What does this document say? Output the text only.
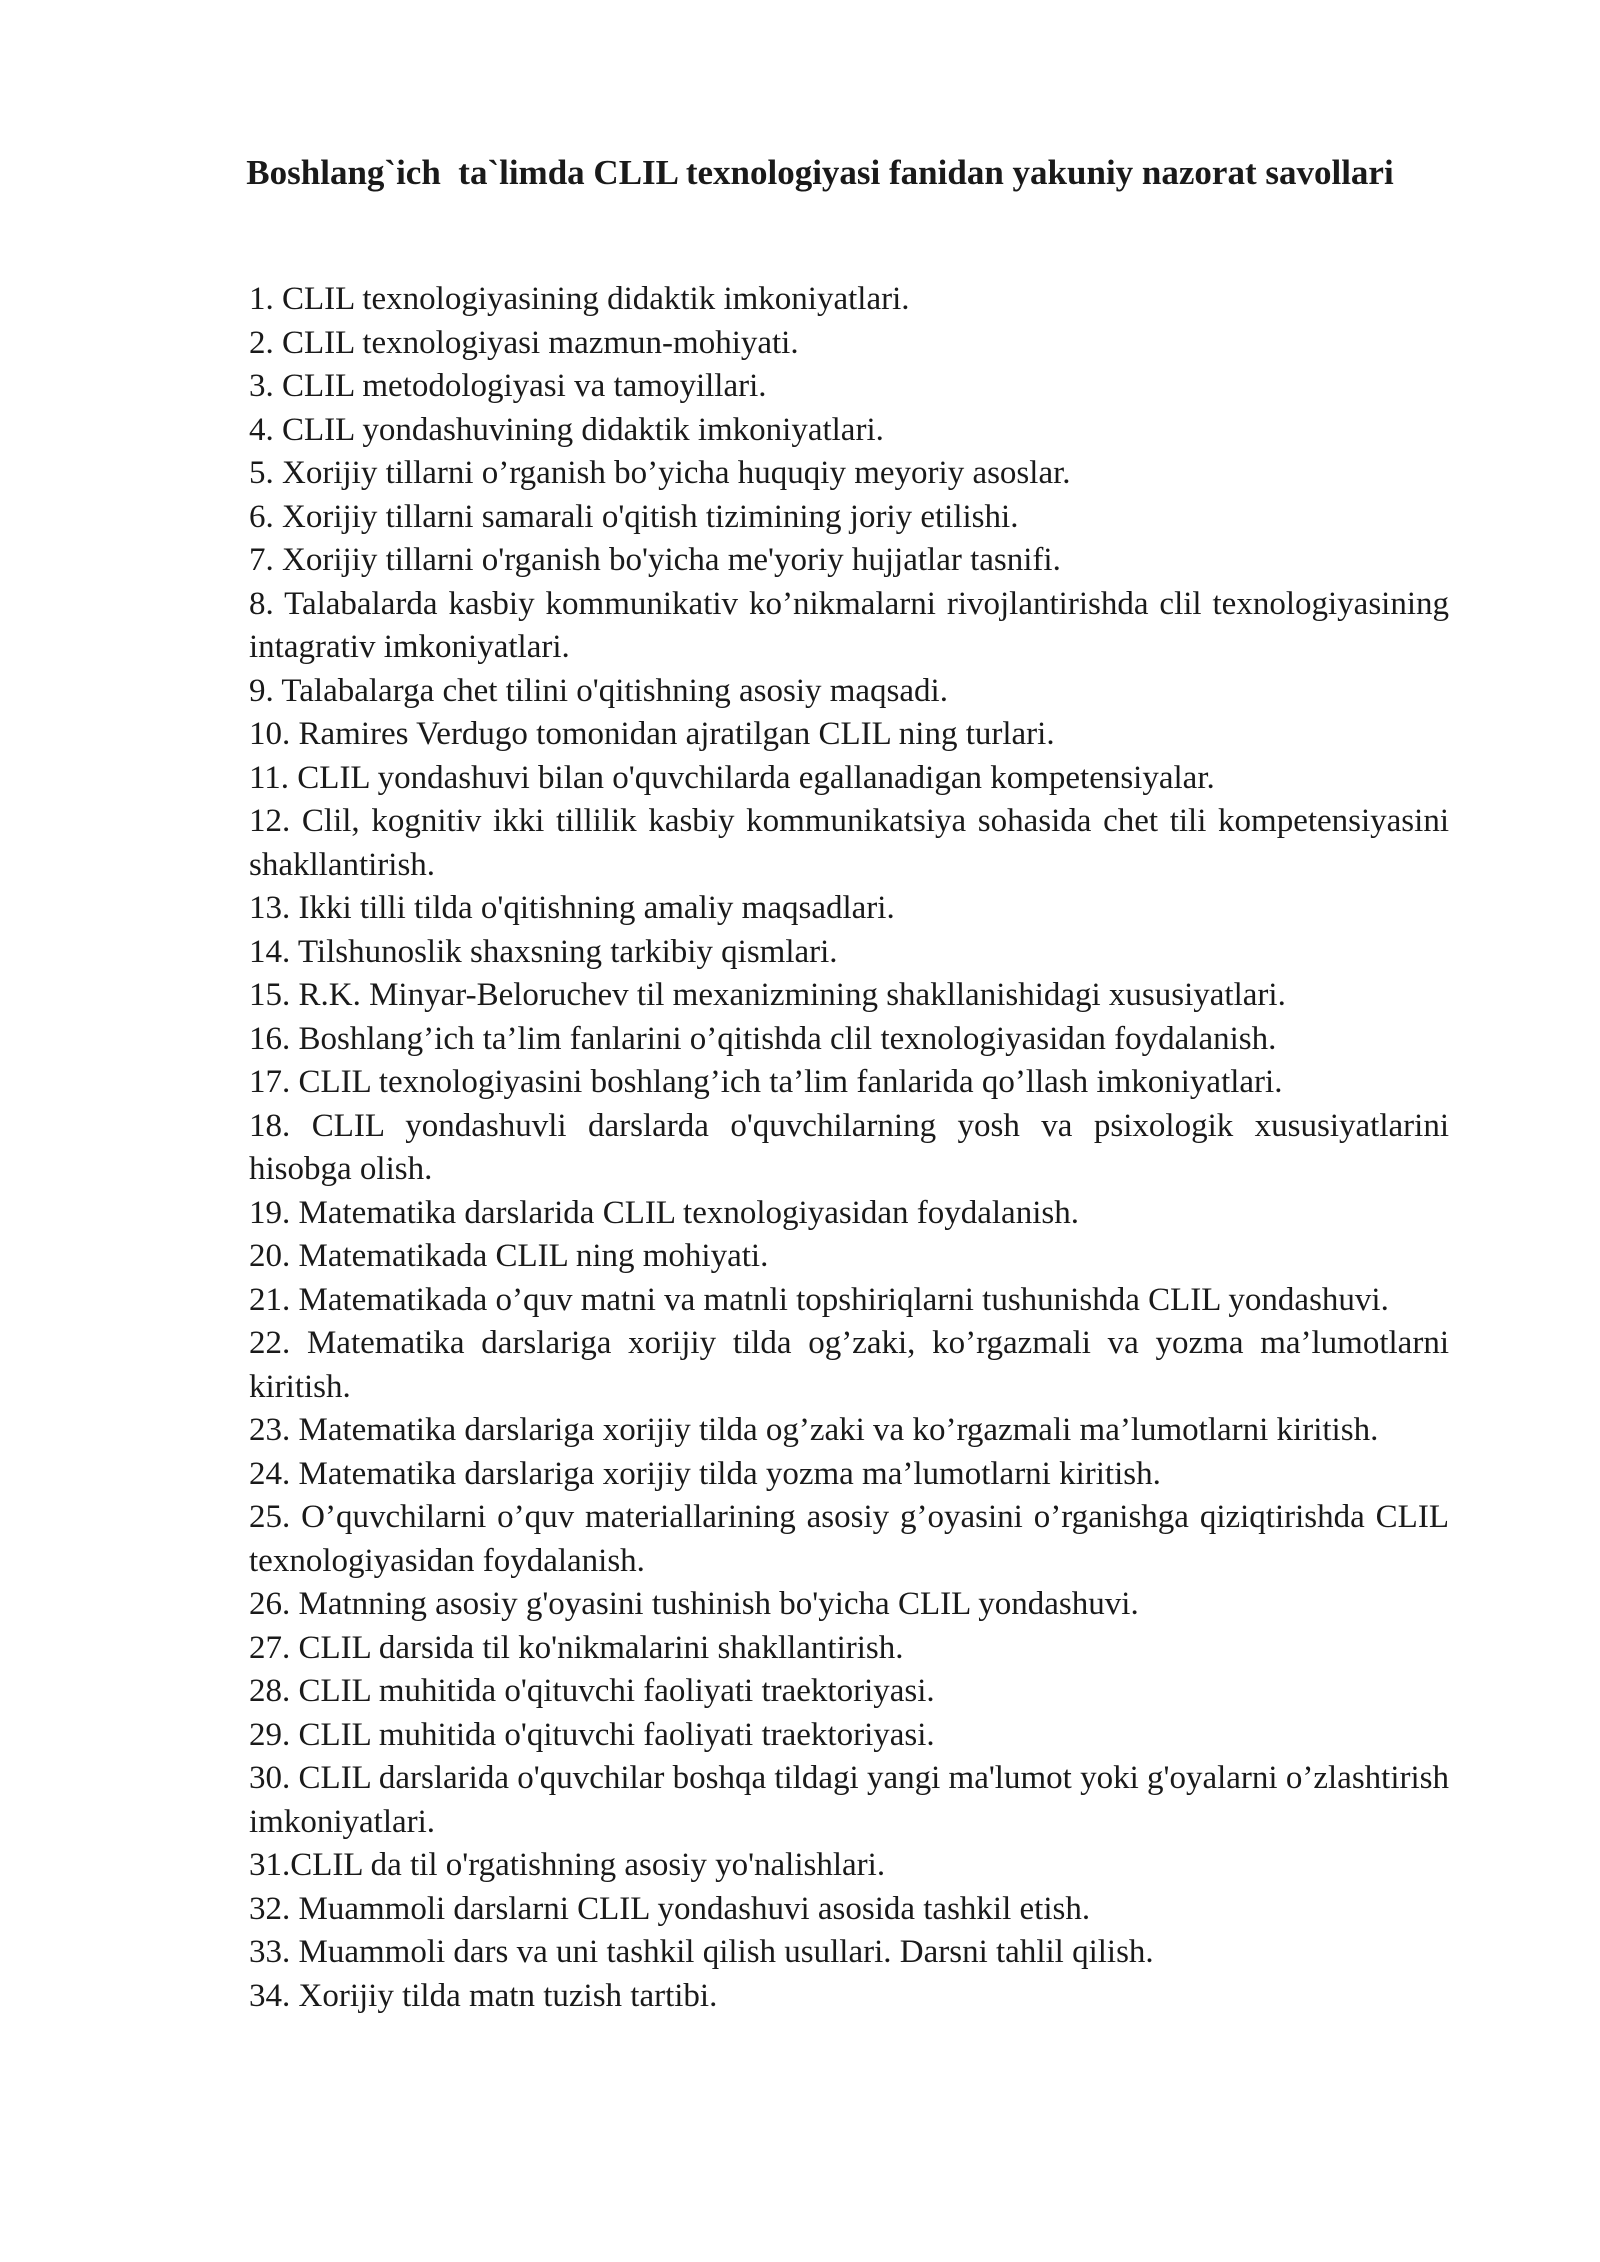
Boshlang`ich  ta`limda CLIL texnologiyasi fanidan yakuniy nazorat savollari
1. CLIL texnologiyasining didaktik imkoniyatlari.
2. CLIL texnologiyasi mazmun-mohiyati.
3. CLIL metodologiyasi va tamoyillari.
4. CLIL yondashuvining didaktik imkoniyatlari.
5. Xorijiy tillarni o’rganish bo’yicha huquqiy meyoriy asoslar.
6. Xorijiy tillarni samarali o'qitish tizimining joriy etilishi.
7. Xorijiy tillarni o'rganish bo'yicha me'yoriy hujjatlar tasnifi.
8. Talabalarda kasbiy kommunikativ ko’nikmalarni rivojlantirishda clil texnologiyasining intagrativ imkoniyatlari.
9. Talabalarga chet tilini o'qitishning asosiy maqsadi.
10. Ramires Verdugo tomonidan ajratilgan CLIL ning turlari.
11. CLIL yondashuvi bilan o'quvchilarda egallanadigan kompetensiyalar.
12. Clil, kognitiv ikki tillilik kasbiy kommunikatsiya sohasida chet tili kompetensiyasini shakllantirish.
13. Ikki tilli tilda o'qitishning amaliy maqsadlari.
14. Tilshunoslik shaxsning tarkibiy qismlari.
15. R.K. Minyar-Beloruchev til mexanizmining shakllanishidagi xususiyatlari.
16. Boshlang’ich ta’lim fanlarini o’qitishda clil texnologiyasidan foydalanish.
17. CLIL texnologiyasini boshlang’ich ta’lim fanlarida qo’llash imkoniyatlari.
18. CLIL yondashuvli darslarda o'quvchilarning yosh va psixologik xususiyatlarini hisobga olish.
19. Matematika darslarida CLIL texnologiyasidan foydalanish.
20. Matematikada CLIL ning mohiyati.
21. Matematikada o’quv matni va matnli topshiriqlarni tushunishda CLIL yondashuvi.
22. Matematika darslariga xorijiy tilda og’zaki, ko’rgazmali va yozma ma’lumotlarni kiritish.
23. Matematika darslariga xorijiy tilda og’zaki va ko’rgazmali ma’lumotlarni kiritish.
24. Matematika darslariga xorijiy tilda yozma ma’lumotlarni kiritish.
25. O’quvchilarni o’quv materiallarining asosiy g’oyasini o’rganishga qiziqtirishda CLIL texnologiyasidan foydalanish.
26. Matnning asosiy g'oyasini tushinish bo'yicha CLIL yondashuvi.
27. CLIL darsida til ko'nikmalarini shakllantirish.
28. CLIL muhitida o'qituvchi faoliyati traektoriyasi.
29. CLIL muhitida o'qituvchi faoliyati traektoriyasi.
30. CLIL darslarida o'quvchilar boshqa tildagi yangi ma'lumot yoki g'oyalarni o’zlashtirish imkoniyatlari.
31.CLIL da til o'rgatishning asosiy yo'nalishlari.
32. Muammoli darslarni CLIL yondashuvi asosida tashkil etish.
33. Muammoli dars va uni tashkil qilish usullari. Darsni tahlil qilish.
34. Xorijiy tilda matn tuzish tartibi.
